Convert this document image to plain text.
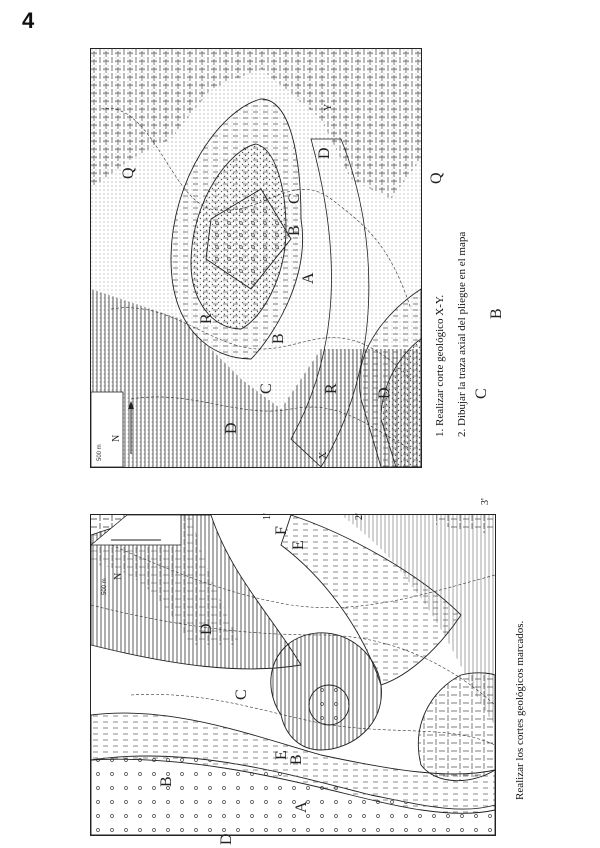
4
A
B
C
D
B
C
D
D	C
B
Q	Q
R
R
X
Y
N
500 m
1. Realizar corte geológico X-Y. 2. Dibujar la traza axial del pliegue en el mapa
A
B
B
C
D
D
E
E
F
N
500 m
1'	2'
3'
Realizar los cortes geológicos marcados.
